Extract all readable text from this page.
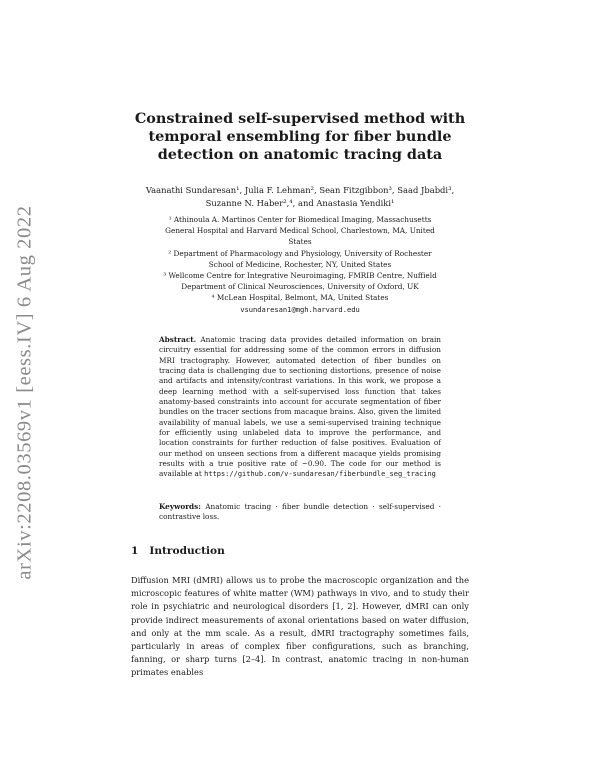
arXiv:2208.03569v1 [eess.IV] 6 Aug 2022
Constrained self-supervised method with temporal ensembling for fiber bundle detection on anatomic tracing data
Vaanathi Sundaresan¹, Julia F. Lehman², Sean Fitzgibbon³, Saad Jbabdi³, Suzanne N. Haber²,⁴, and Anastasia Yendiki¹

¹ Athinoula A. Martinos Center for Biomedical Imaging, Massachusetts General Hospital and Harvard Medical School, Charlestown, MA, United States

² Department of Pharmacology and Physiology, University of Rochester School of Medicine, Rochester, NY, United States

³ Wellcome Centre for Integrative Neuroimaging, FMRIB Centre, Nuffield Department of Clinical Neurosciences, University of Oxford, UK

⁴ McLean Hospital, Belmont, MA, United States

vsundaresan1@mgh.harvard.edu

Abstract. Anatomic tracing data provides detailed information on brain circuitry essential for addressing some of the common errors in diffusion MRI tractography. However, automated detection of fiber bundles on tracing data is challenging due to sectioning distortions, presence of noise and artifacts and intensity/contrast variations. In this work, we propose a deep learning method with a self-supervised loss function that takes anatomy-based constraints into account for accurate segmentation of fiber bundles on the tracer sections from macaque brains. Also, given the limited availability of manual labels, we use a semi-supervised training technique for efficiently using unlabeled data to improve the performance, and location constraints for further reduction of false positives. Evaluation of our method on unseen sections from a different macaque yields promising results with a true positive rate of ~0.90. The code for our method is available at https://github.com/v-sundaresan/fiberbundle_seg_tracing

Keywords: Anatomic tracing · fiber bundle detection · self-supervised · contrastive loss.

1 Introduction

Diffusion MRI (dMRI) allows us to probe the macroscopic organization and the microscopic features of white matter (WM) pathways in vivo, and to study their role in psychiatric and neurological disorders [1, 2]. However, dMRI can only provide indirect measurements of axonal orientations based on water diffusion, and only at the mm scale. As a result, dMRI tractography sometimes fails, particularly in areas of complex fiber configurations, such as branching, fanning, or sharp turns [2–4]. In contrast, anatomic tracing in non-human primates enables
